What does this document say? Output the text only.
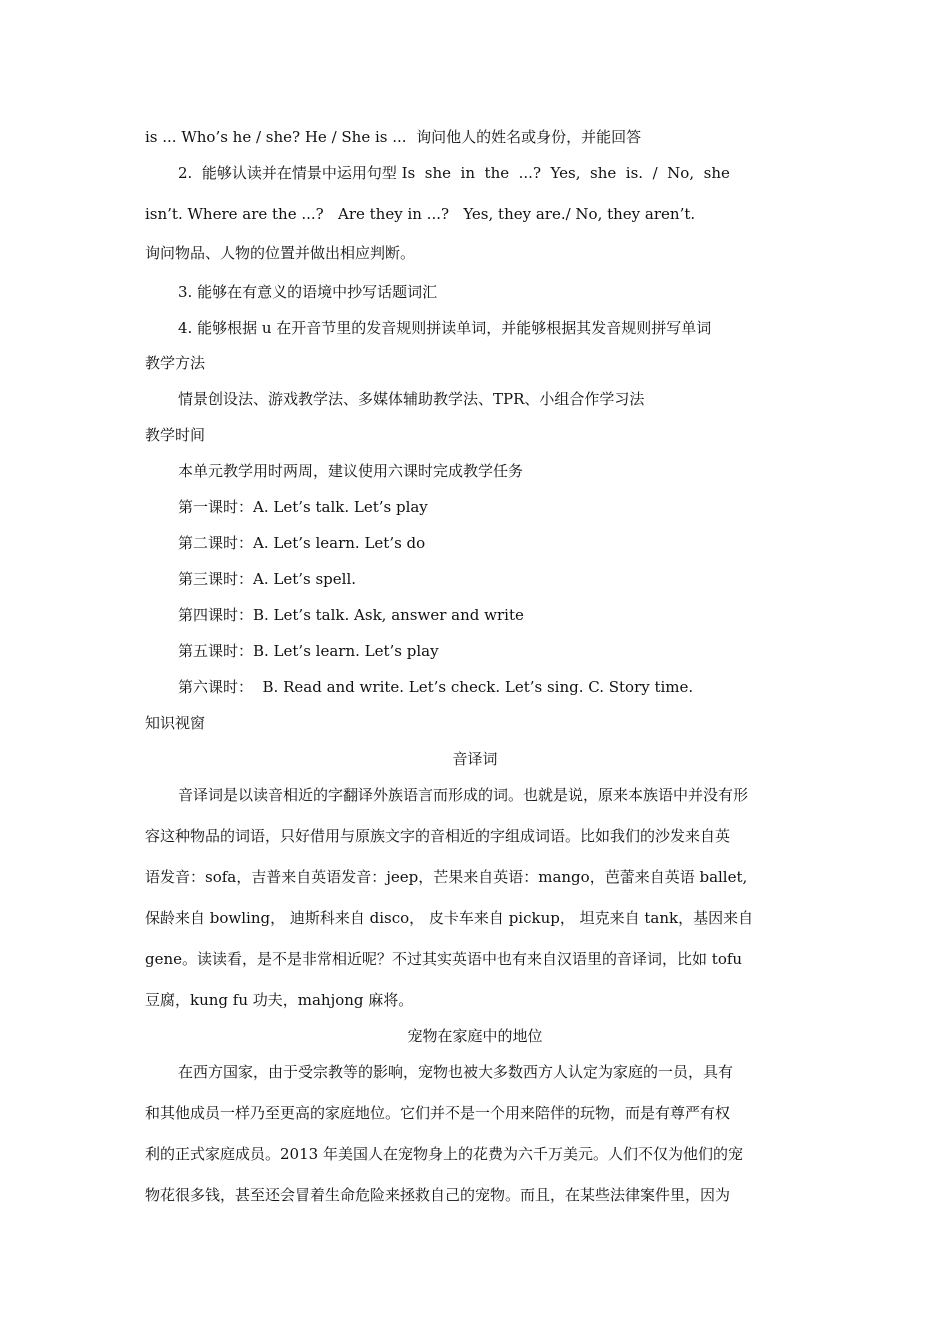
is ... Who’s he / she? He / She is ...  询问他人的姓名或身份，并能回答
2.  能够认读并在情景中运用句型 Is  she  in  the  ...?  Yes,  she  is.  /  No,  she
isn’t. Where are the ...?   Are they in ...?   Yes, they are./ No, they aren’t.
询问物品、人物的位置并做出相应判断。
3. 能够在有意义的语境中抄写话题词汇
4. 能够根据 u 在开音节里的发音规则拼读单词，并能够根据其发音规则拼写单词
教学方法
情景创设法、游戏教学法、多媒体辅助教学法、TPR、小组合作学习法
教学时间
本单元教学用时两周，建议使用六课时完成教学任务
第一课时：A. Let’s talk. Let’s play
第二课时：A. Let’s learn. Let’s do
第三课时：A. Let’s spell.
第四课时：B. Let’s talk. Ask, answer and write
第五课时：B. Let’s learn. Let’s play
第六课时：  B. Read and write. Let’s check. Let’s sing. C. Story time.
知识视窗
音译词
音译词是以读音相近的字翻译外族语言而形成的词。也就是说，原来本族语中并没有形
容这种物品的词语，只好借用与原族文字的音相近的字组成词语。比如我们的沙发来自英
语发音：sofa，吉普来自英语发音：jeep，芒果来自英语：mango，芭蕾来自英语 ballet,
保龄来自 bowling， 迪斯科来自 disco， 皮卡车来自 pickup， 坦克来自 tank，基因来自
gene。读读看，是不是非常相近呢？不过其实英语中也有来自汉语里的音译词，比如 tofu
豆腐，kung fu 功夫，mahjong 麻将。
宠物在家庭中的地位
在西方国家，由于受宗教等的影响，宠物也被大多数西方人认定为家庭的一员，具有
和其他成员一样乃至更高的家庭地位。它们并不是一个用来陪伴的玩物，而是有尊严有权
利的正式家庭成员。2013 年美国人在宠物身上的花费为六千万美元。人们不仅为他们的宠
物花很多钱，甚至还会冒着生命危险来拯救自己的宠物。而且，在某些法律案件里，因为
